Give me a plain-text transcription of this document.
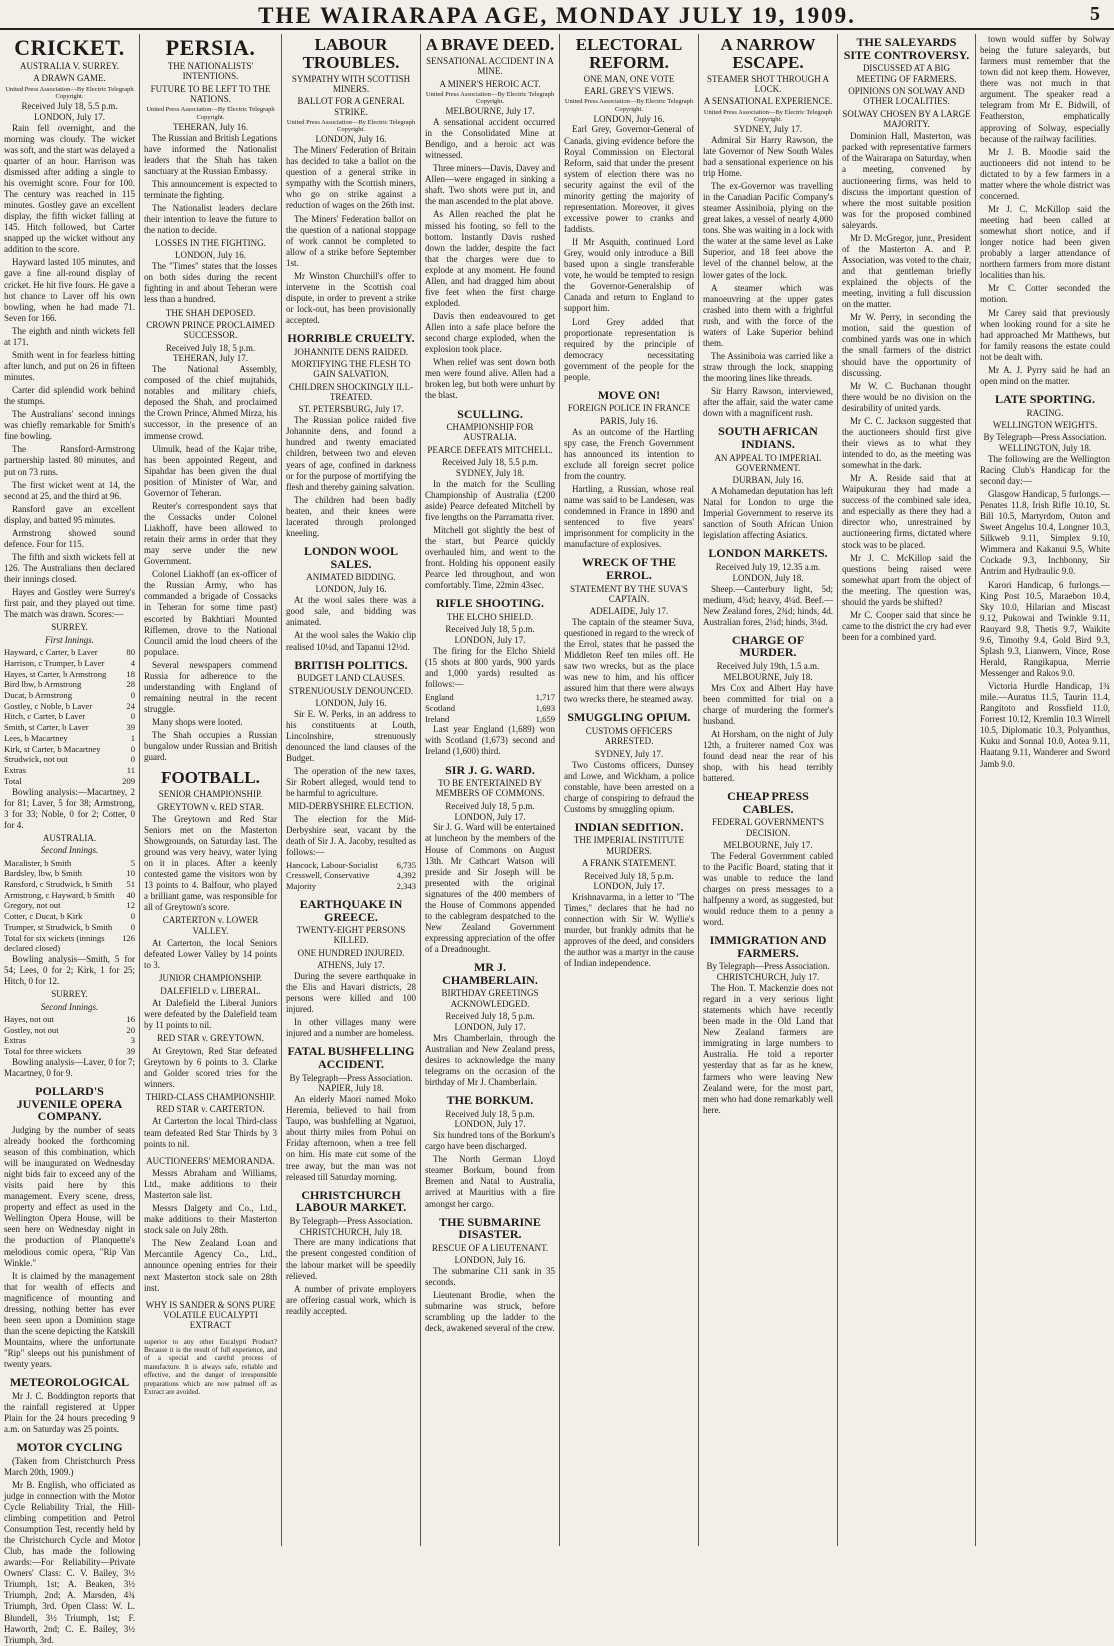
THE WAIRARAPA AGE, MONDAY JULY 19, 1909.	5
CRICKET.
AUSTRALIA V. SURREY.
A DRAWN GAME.
United Press Association—By Electric Telegraph Copyright.
Received July 18, 5.5 p.m. LONDON, July 17.

Rain fell overnight, and the morning was cloudy. The wicket was soft, and the start was delayed a quarter of an hour. Harrison was dismissed after adding a single to his overnight score. Four for 100. The century was reached in 115 minutes. Gostley gave an excellent display, the fifth wicket falling at 145. Hitch followed, but Carter snapped up the wicket without any addition to the score.

Hayward lasted 105 minutes, and gave a fine all-round display of cricket. He hit five fours. He gave a hot chance to Laver off his own bowling, when he had made 71. Seven for 166.

The eighth and ninth wickets fell at 171.

Smith went in for fearless hitting after lunch, and put on 26 in fifteen minutes.

Carter did splendid work behind the stumps.

The Australians' second innings was chiefly remarkable for Smith's fine bowling.

The Ransford-Armstrong partnership lasted 80 minutes, and put on 73 runs.

The first wicket went at 14, the second at 25, and the third at 96.

Ransford gave an excellent display, and batted 95 minutes.

Armstrong showed sound defence. Four for 115.

The fifth and sixth wickets fell at 126. The Australians then declared their innings closed.

Hayes and Gostley were Surrey's first pair, and they played out time. The match was drawn. Scores:—

SURREY.
First Innings.
Hayward, c Carter, b Laver	80
Harrison, c Trumper, b Laver	4
Hayes, st Carter, b Armstrong 18
Bird lbw, b Armstrong	28
Ducat, b Armstrong	0
Gostley, c Noble, b Laver	24
Hitch, c Carter, b Laver	0
Smith, st Carter, b Laver	39
Lees, b Macartney	1
Kirk, st Carter, b Macartney	0
Strudwick, not out	0
Extras	11
Total	209

Bowling analysis:—Macartney, 2 for 81; Laver, 5 for 38; Armstrong, 3 for 33; Noble, 0 for 2; Cotter, 0 for 4.

AUSTRALIA.
Second Innings.
Macalister, b Smith	5
Bardsley, lbw, b Smith	10
Ransford, c Strudwick, b Smith 51
Armstrong, c Hayward, b Smith 40
Gregory, not out	12
Cotter, c Ducat, b Kirk	0
Trumper, st Strudwick, b Smith 0
Total for six wickets (innings declared closed)
126

Bowling analysis—Smith, 5 for 54; Lees, 0 for 2; Kirk, 1 for 25; Hitch, 0 for 12.

SURREY.
Second Innings.
Hayes, not out	16
Gostley, not out	20
Extras	3
Total for three wickets	39

Bowling analysis—Laver, 0 for 7; Macartney, 0 for 9.

POLLARD'S JUVENILE OPERA COMPANY.

Judging by the number of seats already booked the forthcoming season of this combination, which will be inaugurated on Wednesday night bids fair to exceed any of the visits paid here by this management. Every scene, dress, property and effect as used in the Wellington Opera House, will be seen here on Wednesday night in the production of Planquette's melodious comic opera, "Rip Van Winkle."

It is claimed by the management that for wealth of effects and magnificence of mounting and dressing, nothing better has ever been seen upon a Dominion stage than the scene depicting the Katskill Mountains, where the unfortunate "Rip" sleeps out his punishment of twenty years.

METEOROLOGICAL

Mr J. C. Boddington reports that the rainfall registered at Upper Plain for the 24 hours preceding 9 a.m. on Saturday was 25 points.

MOTOR CYCLING

(Taken from Christchurch Press March 20th, 1909.)

Mr B. English, who officiated as judge in connection with the Motor Cycle Reliability Trial, the Hill-climbing competition and Petrol Consumption Test, recently held by the Christchurch Cycle and Motor Club, has made the following awards:—For Reliability—Private Owners' Class: C. V. Bailey, 3½ Triumph, 1st; A. Beaken, 3½ Triumph, 2nd; A. Marsden, 4¾ Triumph, 3rd. Open Class: W. L. Blundell, 3½ Triumph, 1st; F. Haworth, 2nd; C. E. Bailey, 3½ Triumph, 3rd.

PERSIA.
THE NATIONALISTS' INTENTIONS.
FUTURE TO BE LEFT TO THE NATIONS.
United Press Association—By Electric Telegraph Copyright.
TEHERAN, July 16.

The Russian and British Legations have informed the Nationalist leaders that the Shah has taken sanctuary at the Russian Embassy.

This announcement is expected to terminate the fighting.

The Nationalist leaders declare their intention to leave the future to the nation to decide.

LOSSES IN THE FIGHTING.
LONDON, July 16.

The "Times" states that the losses on both sides during the recent fighting in and about Teheran were less than a hundred.

THE SHAH DEPOSED.
CROWN PRINCE PROCLAIMED SUCCESSOR.
Received July 18, 5 p.m. TEHERAN, July 17.

The National Assembly, composed of the chief mujtahids, notables and military chiefs, deposed the Shah, and proclaimed the Crown Prince, Ahmed Mirza, his successor, in the presence of an immense crowd.

Ulmulk, head of the Kajar tribe, has been appointed Regent, and Sipahdar has been given the dual position of Minister of War, and Governor of Teheran.

Reuter's correspondent says that the Cossacks under Colonel Liakhoff, have been allowed to retain their arms in order that they may serve under the new Government.

Colonel Liakhoff (an ex-officer of the Russian Army, who has commanded a brigade of Cossacks in Teheran for some time past) escorted by Bakhtiari Mounted Riflemen, drove to the National Council amid the loud cheers of the populace.

Several newspapers commend Russia for adherence to the understanding with England of remaining neutral in the recent struggle.

Many shops were looted.

The Shah occupies a Russian bungalow under Russian and British guard.

FOOTBALL.
SENIOR CHAMPIONSHIP.
GREYTOWN v. RED STAR.

The Greytown and Red Star Seniors met on the Masterton Showgrounds, on Saturday last. The ground was very heavy, water lying on it in places. After a keenly contested game the visitors won by 13 points to 4. Balfour, who played a brilliant game, was responsible for all of Greytown's score.

CARTERTON v. LOWER VALLEY.

At Carterton, the local Seniors defeated Lower Valley by 14 points to 3.

JUNIOR CHAMPIONSHIP.
DALEFIELD v. LIBERAL.

At Dalefield the Liberal Juniors were defeated by the Dalefield team by 11 points to nil.

RED STAR v. GREYTOWN.

At Greytown, Red Star defeated Greytown by 6 points to 3. Clarke and Golder scored tries for the winners.

THIRD-CLASS CHAMPIONSHIP.
RED STAR v. CARTERTON.

At Carterton the local Third-class team defeated Red Star Thirds by 3 points to nil.

AUCTIONEERS' MEMORANDA.

Messrs Abraham and Williams, Ltd., make additions to their Masterton sale list.

Messrs Dalgety and Co., Ltd., make additions to their Masterton stock sale on July 28th.

The New Zealand Loan and Mercantile Agency Co., Ltd., announce opening entries for their next Masterton stock sale on 28th inst.

WHY IS SANDER & SONS PURE VOLATILE EUCALYPTI EXTRACT

superior to any other Eucalypti Product? Because it is the result of full experience, and of a special and careful process of manufacture. It is always safe, reliable and effective, and the danger of irresponsible preparations which are now palmed off as Extract are avoided.

LABOUR TROUBLES.
SYMPATHY WITH SCOTTISH MINERS.
BALLOT FOR A GENERAL STRIKE.
United Press Association—By Electric Telegraph Copyright.
LONDON, July 16.

The Miners' Federation of Britain has decided to take a ballot on the question of a general strike in sympathy with the Scottish miners, who go on strike against a reduction of wages on the 26th inst.

The Miners' Federation ballot on the question of a national stoppage of work cannot be completed to allow of a strike before September 1st.

Mr Winston Churchill's offer to intervene in the Scottish coal dispute, in order to prevent a strike or lock-out, has been provisionally accepted.

HORRIBLE CRUELTY.
JOHANNITE DENS RAIDED.
MORTIFYING THE FLESH TO GAIN SALVATION.
CHILDREN SHOCKINGLY ILL-TREATED.
ST. PETERSBURG, July 17.

The Russian police raided five Johannite dens, and found a hundred and twenty emaciated children, between two and eleven years of age, confined in darkness or for the purpose of mortifying the flesh and thereby gaining salvation.

The children had been badly beaten, and their knees were lacerated through prolonged kneeling.

LONDON WOOL SALES.
ANIMATED BIDDING.
LONDON, July 16.

At the wool sales there was a good sale, and bidding was animated.

At the wool sales the Wakio clip realised 10¼d, and Tapanui 12½d.

BRITISH POLITICS.
BUDGET LAND CLAUSES.
STRENUOUSLY DENOUNCED.
LONDON, July 16.

Sir E. W. Perks, in an address to his constituents at Louth, Lincolnshire, strenuously denounced the land clauses of the Budget.

The operation of the new taxes, Sir Robert alleged, would tend to be harmful to agriculture.

MID-DERBYSHIRE ELECTION.

The election for the Mid-Derbyshire seat, vacant by the death of Sir J. A. Jacoby, resulted as follows:—

Hancock, Labour-Socialist 6,735
Cresswell, Conservative	4,392
Majority	2,343
EARTHQUAKE IN GREECE.
TWENTY-EIGHT PERSONS KILLED.
ONE HUNDRED INJURED.
ATHENS, July 17.

During the severe earthquake in the Elis and Havari districts, 28 persons were killed and 100 injured.

In other villages many were injured and a number are homeless.

FATAL BUSHFELLING ACCIDENT.
By Telegraph—Press Association. NAPIER, July 18.

An elderly Maori named Moko Heremia, believed to hail from Taupo, was bushfelling at Ngatuoi, about thirty miles from Pohui on Friday afternoon, when a tree fell on him. His mate cut some of the tree away, but the man was not released till Saturday morning.

CHRISTCHURCH LABOUR MARKET.
By Telegraph—Press Association. CHRISTCHURCH, July 18.

There are many indications that the present congested condition of the labour market will be speedily relieved.

A number of private employers are offering casual work, which is readily accepted.

A BRAVE DEED.
SENSATIONAL ACCIDENT IN A MINE.
A MINER'S HEROIC ACT.
United Press Association—By Electric Telegraph Copyright.
MELBOURNE, July 17.

A sensational accident occurred in the Consolidated Mine at Bendigo, and a heroic act was witnessed.

Three miners—Davis, Davey and Allen—were engaged in sinking a shaft. Two shots were put in, and the man ascended to the plat above.

As Allen reached the plat he missed his footing, so fell to the bottom. Instantly Davis rushed down the ladder, despite the fact that the charges were due to explode at any moment. He found Allen, and had dragged him about five feet when the first charge exploded.

Davis then endeavoured to get Allen into a safe place before the second charge exploded, when the explosion took place.

When relief was sent down both men were found alive. Allen had a broken leg, but both were unhurt by the blast.

SCULLING.
CHAMPIONSHIP FOR AUSTRALIA.
PEARCE DEFEATS MITCHELL.
Received July 18, 5.5 p.m. SYDNEY, July 18.

In the match for the Sculling Championship of Australia (£200 aside) Pearce defeated Mitchell by five lengths on the Parramatta river.

Mitchell got slightly the best of the start, but Pearce quickly overhauled him, and went to the front. Holding his opponent easily Pearce led throughout, and won comfortably. Time, 22min 43sec.

RIFLE SHOOTING.
THE ELCHO SHIELD.
Received July 18, 5 p.m. LONDON, July 17.

The firing for the Elcho Shield (15 shots at 800 yards, 900 yards and 1,000 yards) resulted as follows:—

England	1,717
Scotland	1,693
Ireland	1,659

Last year England (1,689) won with Scotland (1,673) second and Ireland (1,600) third.

SIR J. G. WARD.
TO BE ENTERTAINED BY MEMBERS OF COMMONS.
Received July 18, 5 p.m. LONDON, July 17.

Sir J. G. Ward will be entertained at luncheon by the members of the House of Commons on August 13th. Mr Cathcart Watson will preside and Sir Joseph will be presented with the original signatures of the 400 members of the House of Commons appended to the cablegram despatched to the New Zealand Government expressing appreciation of the offer of a Dreadnought.

MR J. CHAMBERLAIN.
BIRTHDAY GREETINGS ACKNOWLEDGED.
Received July 18, 5 p.m. LONDON, July 17.

Mrs Chamberlain, through the Australian and New Zealand press, desires to acknowledge the many telegrams on the occasion of the birthday of Mr J. Chamberlain.

THE BORKUM.
Received July 18, 5 p.m. LONDON, July 17.

Six hundred tons of the Borkum's cargo have been discharged.

The North German Lloyd steamer Borkum, bound from Bremen and Natal to Australia, arrived at Mauritius with a fire amongst her cargo.

THE SUBMARINE DISASTER.
RESCUE OF A LIEUTENANT.
LONDON, July 16.

The submarine C11 sank in 35 seconds.

Lieutenant Brodie, when the submarine was struck, before scrambling up the ladder to the deck, awakened several of the crew.

ELECTORAL REFORM.
ONE MAN, ONE VOTE
EARL GREY'S VIEWS.
United Press Association—By Electric Telegraph Copyright.
LONDON, July 16.

Earl Grey, Governor-General of Canada, giving evidence before the Royal Commission on Electoral Reform, said that under the present system of election there was no security against the evil of the minority getting the majority of representation. Moreover, it gives excessive power to cranks and faddists.

If Mr Asquith, continued Lord Grey, would only introduce a Bill based upon a single transferable vote, he would be tempted to resign the Governor-Generalship of Canada and return to England to support him.

Lord Grey added that proportionate representation is required by the principle of democracy necessitating government of the people for the people.

MOVE ON!
FOREIGN POLICE IN FRANCE
PARIS, July 16.

As an outcome of the Hartling spy case, the French Government has announced its intention to exclude all foreign secret police from the country.

Hartling, a Russian, whose real name was said to be Landesen, was condemned in France in 1890 and sentenced to five years' imprisonment for complicity in the manufacture of explosives.

WRECK OF THE ERROL.
STATEMENT BY THE SUVA'S CAPTAIN.
ADELAIDE, July 17.

The captain of the steamer Suva, questioned in regard to the wreck of the Errol, states that he passed the Middleton Reef ten miles off. He saw two wrecks, but as the place was new to him, and his officer assured him that there were always two wrecks there, he steamed away.

SMUGGLING OPIUM.
CUSTOMS OFFICERS ARRESTED.
SYDNEY, July 17.

Two Customs officers, Dunsey and Lowe, and Wickham, a police constable, have been arrested on a charge of conspiring to defraud the Customs by smuggling opium.

INDIAN SEDITION.
THE IMPERIAL INSTITUTE MURDERS.
A FRANK STATEMENT.
Received July 18, 5 p.m. LONDON, July 17.

Krishnavarma, in a letter to "The Times," declares that he had no connection with Sir W. Wyllie's murder, but frankly admits that he approves of the deed, and considers the author was a martyr in the cause of Indian independence.

A NARROW ESCAPE.
STEAMER SHOT THROUGH A LOCK.
A SENSATIONAL EXPERIENCE.
United Press Association—By Electric Telegraph Copyright.
SYDNEY, July 17.

Admiral Sir Harry Rawson, the late Governor of New South Wales had a sensational experience on his trip Home.

The ex-Governor was travelling in the Canadian Pacific Company's steamer Assiniboia, plying on the great lakes, a vessel of nearly 4,000 tons. She was waiting in a lock with the water at the same level as Lake Superior, and 18 feet above the level of the channel below, at the lower gates of the lock.

A steamer which was manoeuvring at the upper gates crashed into them with a frightful rush, and with the force of the waters of Lake Superior behind them.

The Assiniboia was carried like a straw through the lock, snapping the mooring lines like threads.

Sir Harry Rawson, interviewed, after the affair, said the water came down with a magnificent rush.

SOUTH AFRICAN INDIANS.
AN APPEAL TO IMPERIAL GOVERNMENT.
DURBAN, July 16.

A Mohamedan deputation has left Natal for London to urge the Imperial Government to reserve its sanction of South African Union legislation affecting Asiatics.

LONDON MARKETS.
Received July 19, 12.35 a.m. LONDON, July 18.

Sheep.—Canterbury light, 5d; medium, 4¾d; heavy, 4¼d. Beef.—New Zealand fores, 2¾d; hinds, 4d. Australian fores, 2¼d; hinds, 3¼d.

CHARGE OF MURDER.
Received July 19th, 1.5 a.m. MELBOURNE, July 18.

Mrs Cox and Albert Hay have been committed for trial on a charge of murdering the former's husband.

At Horsham, on the night of July 12th, a fruiterer named Cox was found dead near the rear of his shop, with his head terribly battered.

CHEAP PRESS CABLES.
FEDERAL GOVERNMENT'S DECISION.
MELBOURNE, July 17.

The Federal Government cabled to the Pacific Board, stating that it was unable to reduce the land charges on press messages to a halfpenny a word, as suggested, but would reduce them to a penny a word.

IMMIGRATION AND FARMERS.
By Telegraph—Press Association. CHRISTCHURCH, July 17.

The Hon. T. Mackenzie does not regard in a very serious light statements which have recently been made in the Old Land that New Zealand farmers are immigrating in large numbers to Australia. He told a reporter yesterday that as far as he knew, farmers who were leaving New Zealand were, for the most part, men who had done remarkably well here.

THE SALEYARDS SITE CONTROVERSY.
DISCUSSED AT A BIG MEETING OF FARMERS.
OPINIONS ON SOLWAY AND OTHER LOCALITIES.
SOLWAY CHOSEN BY A LARGE MAJORITY.

Dominion Hall, Masterton, was packed with representative farmers of the Wairarapa on Saturday, when a meeting, convened by auctioneering firms, was held to discuss the important question of where the most suitable position was for the proposed combined saleyards.

Mr D. McGregor, junr., President of the Masterton A. and P. Association, was voted to the chair, and that gentleman briefly explained the objects of the meeting, inviting a full discussion on the matter.

Mr W. Perry, in seconding the motion, said the question of combined yards was one in which the small farmers of the district should have the opportunity of discussing.

Mr W. C. Buchanan thought there would be no division on the desirability of united yards.

Mr C. C. Jackson suggested that the auctioneers should first give their views as to what they intended to do, as the meeting was somewhat in the dark.

Mr A. Reside said that at Waipukurau they had made a success of the combined sale idea, and especially as there they had a director who, unrestrained by auctioneering firms, dictated where stock was to be placed.

Mr J. C. McKillop said the questions being raised were somewhat apart from the object of the meeting. The question was, should the yards be shifted?

Mr C. Cooper said that since he came to the district the cry had ever been for a combined yard.

town would suffer by Solway being the future saleyards, but farmers must remember that the town did not keep them. However, there was not much in that argument. The speaker read a telegram from Mr E. Bidwill, of Featherston, emphatically approving of Solway, especially because of the railway facilities.

Mr J. B. Moodie said the auctioneers did not intend to be dictated to by a few farmers in a matter where the whole district was concerned.

Mr J. C. McKillop said the meeting had been called at somewhat short notice, and if longer notice had been given probably a larger attendance of northern farmers from more distant localities than his.

Mr C. Cotter seconded the motion.

Mr Carey said that previously when looking round for a site he had approached Mr Matthews, but for family reasons the estate could not be dealt with.

Mr A. J. Pyrry said he had an open mind on the matter.

LATE SPORTING.
RACING.
WELLINGTON WEIGHTS.
By Telegraph—Press Association. WELLINGTON, July 18.

The following are the Wellington Racing Club's Handicap for the second day:—

Glasgow Handicap, 5 furlongs.—Penates 11.8, Irish Rifle 10.10, St. Bill 10.5, Martyrdom, Outon and Sweet Angelus 10.4, Longner 10.3, Silkweb 9.11, Simplex 9.10, Wimmera and Kakanui 9.5, White Cockade 9.3, Inchbonny, Sir Antrim and Hydraulic 9.0.

Karori Handicap, 6 furlongs.—King Post 10.5, Maraebon 10.4, Sky 10.0, Hilarian and Miscast 9.12, Pukowai and Twinkle 9.11, Rauyard 9.8, Thetis 9.7, Waikite 9.6, Timothy 9.4, Gold Bird 9.3, Splash 9.3, Lianwern, Vince, Rose Herald, Rangikapua, Merrie Messenger and Rakos 9.0.

Victoria Hurdle Handicap, 1¾ mile.—Auratus 11.5, Taurin 11.4, Rangitoto and Rossfield 11.0, Forrest 10.12, Kremlin 10.3 Wirrell 10.5, Diplomatic 10.3, Polyanthus, Kuku and Sonnal 10.0, Aotea 9.11, Haatang 9.11, Wanderer and Sword Jamb 9.0.
